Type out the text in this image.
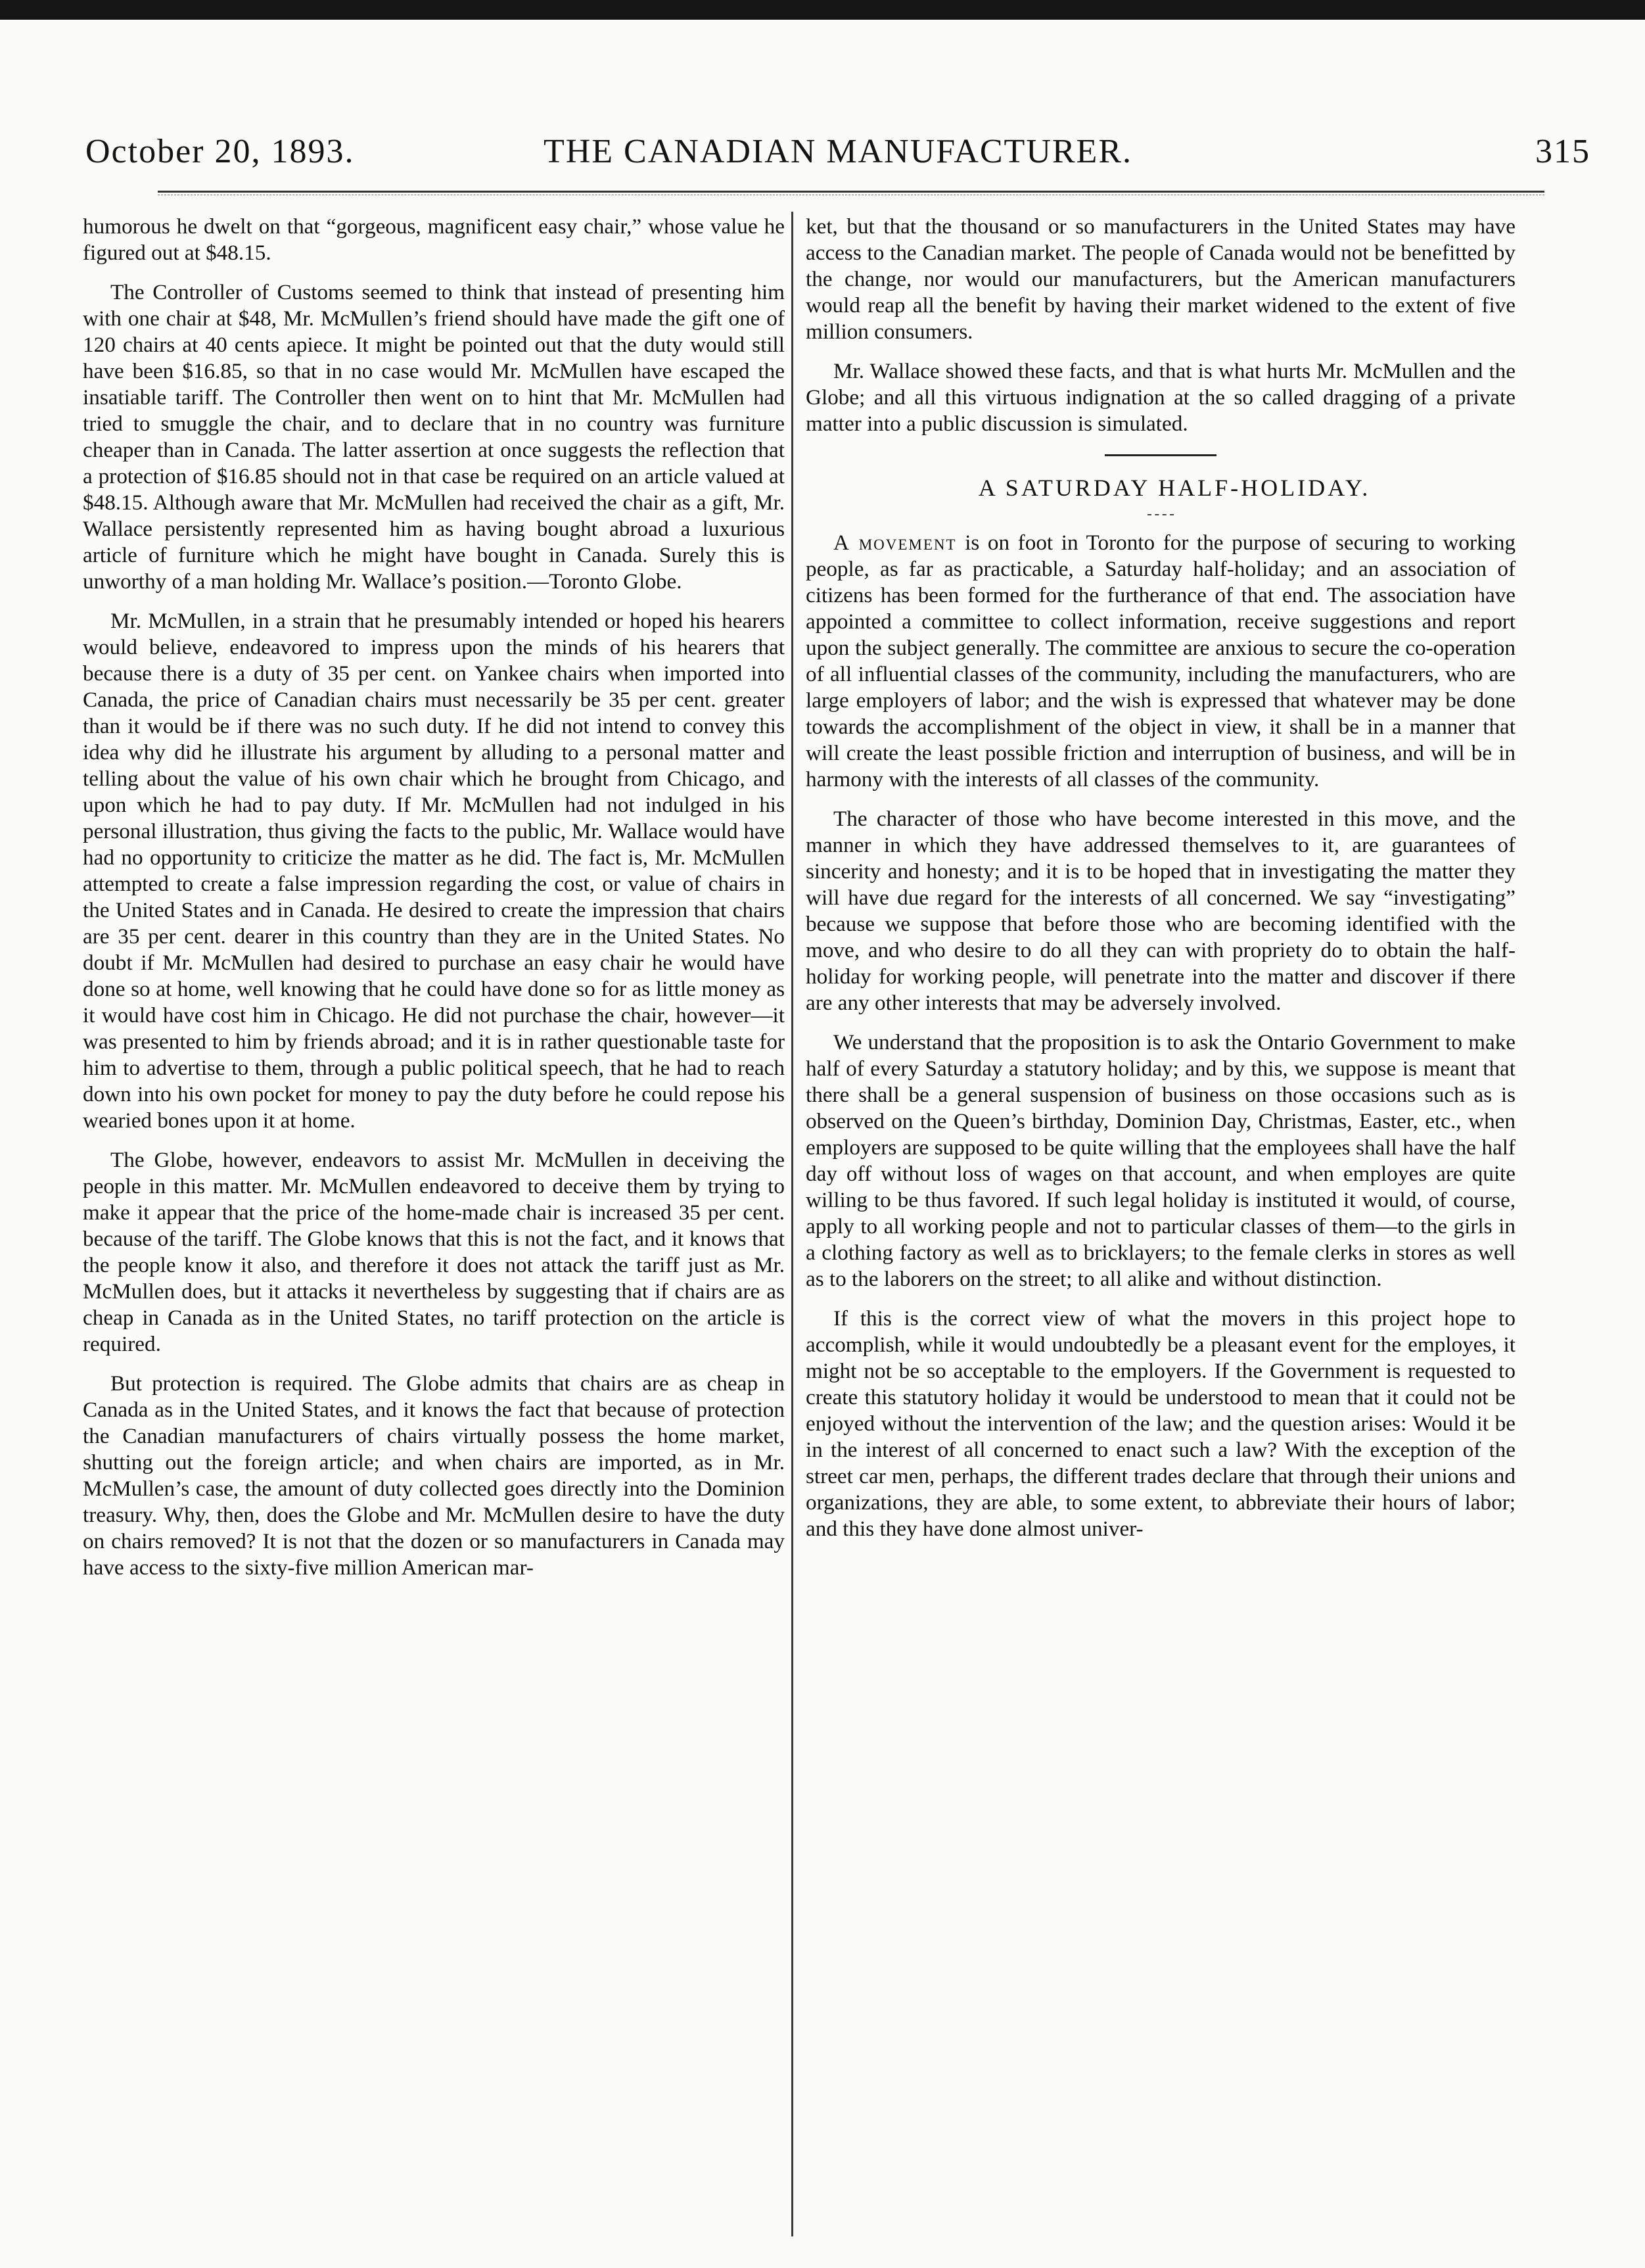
October 20, 1893.	THE CANADIAN MANUFACTURER.	315

humorous he dwelt on that “gorgeous, magnificent easy chair,” whose value he figured out at $48.15.

The Controller of Customs seemed to think that instead of presenting him with one chair at $48, Mr. McMullen’s friend should have made the gift one of 120 chairs at 40 cents apiece. It might be pointed out that the duty would still have been $16.85, so that in no case would Mr. McMullen have escaped the insatiable tariff. The Controller then went on to hint that Mr. McMullen had tried to smuggle the chair, and to declare that in no country was furniture cheaper than in Canada. The latter assertion at once suggests the reflection that a protection of $16.85 should not in that case be required on an article valued at $48.15. Although aware that Mr. McMullen had received the chair as a gift, Mr. Wallace persistently represented him as having bought abroad a luxurious article of furniture which he might have bought in Canada. Surely this is unworthy of a man holding Mr. Wallace’s position.—Toronto Globe.

Mr. McMullen, in a strain that he presumably intended or hoped his hearers would believe, endeavored to impress upon the minds of his hearers that because there is a duty of 35 per cent. on Yankee chairs when imported into Canada, the price of Canadian chairs must necessarily be 35 per cent. greater than it would be if there was no such duty. If he did not intend to convey this idea why did he illustrate his argument by alluding to a personal matter and telling about the value of his own chair which he brought from Chicago, and upon which he had to pay duty. If Mr. McMullen had not indulged in his personal illustration, thus giving the facts to the public, Mr. Wallace would have had no opportunity to criticize the matter as he did. The fact is, Mr. McMullen attempted to create a false impression regarding the cost, or value of chairs in the United States and in Canada. He desired to create the impression that chairs are 35 per cent. dearer in this country than they are in the United States. No doubt if Mr. McMullen had desired to purchase an easy chair he would have done so at home, well knowing that he could have done so for as little money as it would have cost him in Chicago. He did not purchase the chair, however—it was presented to him by friends abroad; and it is in rather questionable taste for him to advertise to them, through a public political speech, that he had to reach down into his own pocket for money to pay the duty before he could repose his wearied bones upon it at home.

The Globe, however, endeavors to assist Mr. McMullen in deceiving the people in this matter. Mr. McMullen endeavored to deceive them by trying to make it appear that the price of the home-made chair is increased 35 per cent. because of the tariff. The Globe knows that this is not the fact, and it knows that the people know it also, and therefore it does not attack the tariff just as Mr. McMullen does, but it attacks it nevertheless by suggesting that if chairs are as cheap in Canada as in the United States, no tariff protection on the article is required.

But protection is required. The Globe admits that chairs are as cheap in Canada as in the United States, and it knows the fact that because of protection the Canadian manufacturers of chairs virtually possess the home market, shutting out the foreign article; and when chairs are imported, as in Mr. McMullen’s case, the amount of duty collected goes directly into the Dominion treasury. Why, then, does the Globe and Mr. McMullen desire to have the duty on chairs removed? It is not that the dozen or so manufacturers in Canada may have access to the sixty-five million American mar-

ket, but that the thousand or so manufacturers in the United States may have access to the Canadian market. The people of Canada would not be benefitted by the change, nor would our manufacturers, but the American manufacturers would reap all the benefit by having their market widened to the extent of five million consumers.

Mr. Wallace showed these facts, and that is what hurts Mr. McMullen and the Globe; and all this virtuous indignation at the so called dragging of a private matter into a public discussion is simulated.

A SATURDAY HALF-HOLIDAY.

A movement is on foot in Toronto for the purpose of securing to working people, as far as practicable, a Saturday half-holiday; and an association of citizens has been formed for the furtherance of that end. The association have appointed a committee to collect information, receive suggestions and report upon the subject generally. The committee are anxious to secure the co-operation of all influential classes of the community, including the manufacturers, who are large employers of labor; and the wish is expressed that whatever may be done towards the accomplishment of the object in view, it shall be in a manner that will create the least possible friction and interruption of business, and will be in harmony with the interests of all classes of the community.

The character of those who have become interested in this move, and the manner in which they have addressed themselves to it, are guarantees of sincerity and honesty; and it is to be hoped that in investigating the matter they will have due regard for the interests of all concerned. We say “investigating” because we suppose that before those who are becoming identified with the move, and who desire to do all they can with propriety do to obtain the half-holiday for working people, will penetrate into the matter and discover if there are any other interests that may be adversely involved.

We understand that the proposition is to ask the Ontario Government to make half of every Saturday a statutory holiday; and by this, we suppose is meant that there shall be a general suspension of business on those occasions such as is observed on the Queen’s birthday, Dominion Day, Christmas, Easter, etc., when employers are supposed to be quite willing that the employees shall have the half day off without loss of wages on that account, and when employes are quite willing to be thus favored. If such legal holiday is instituted it would, of course, apply to all working people and not to particular classes of them—to the girls in a clothing factory as well as to bricklayers; to the female clerks in stores as well as to the laborers on the street; to all alike and without distinction.

If this is the correct view of what the movers in this project hope to accomplish, while it would undoubtedly be a pleasant event for the employes, it might not be so acceptable to the employers. If the Government is requested to create this statutory holiday it would be understood to mean that it could not be enjoyed without the intervention of the law; and the question arises: Would it be in the interest of all concerned to enact such a law? With the exception of the street car men, perhaps, the different trades declare that through their unions and organizations, they are able, to some extent, to abbreviate their hours of labor; and this they have done almost univer-
